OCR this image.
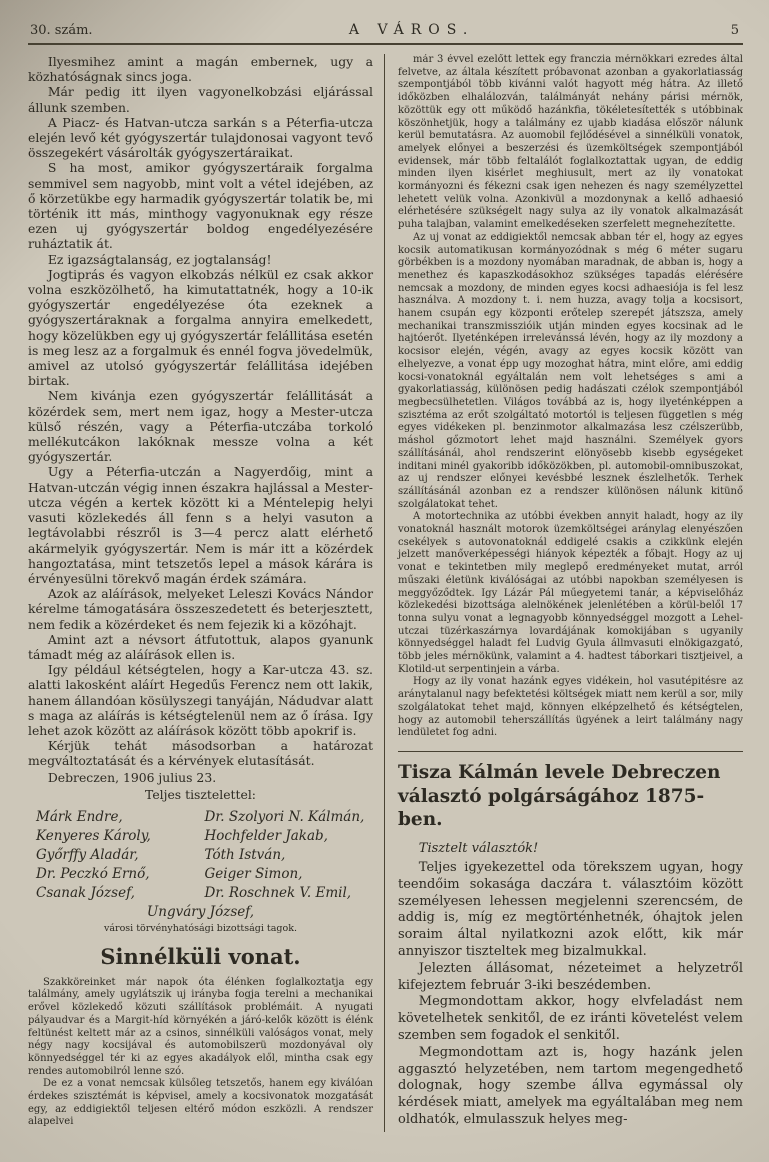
30. szám.	A VÁROS.	5

Ilyesmihez amint a magán embernek, ugy a közhatóságnak sincs joga.

Már pedig itt ilyen vagyonelkobzási eljárással állunk szemben.

A Piacz- és Hatvan-utcza sarkán s a Péterfia-utcza elején levő két gyógyszertár tulajdonosai vagyont tevő összegekért vásárolták gyógyszertáraikat.

S ha most, amikor gyógyszertáraik forgalma semmivel sem nagyobb, mint volt a vétel idejében, az ő körzetükbe egy harmadik gyógyszertár tolatik be, mi történik itt más, minthogy vagyonuknak egy része ezen uj gyógyszertár boldog engedélyezésére ruháztatik át.

Ez igazságtalanság, ez jogtalanság!

Jogtiprás és vagyon elkobzás nélkül ez csak akkor volna eszközölhető, ha kimutattatnék, hogy a 10-ik gyógyszertár engedélyezése óta ezeknek a gyógyszertáraknak a forgalma annyira emelkedett, hogy közelükben egy uj gyógyszertár felállitása esetén is meg lesz az a forgalmuk és ennél fogva jövedelmük, amivel az utolsó gyógyszertár felállitása idejében birtak.

Nem kivánja ezen gyógyszertár felállitását a közérdek sem, mert nem igaz, hogy a Mester-utcza külső részén, vagy a Péterfia-utczába torkoló mellékutcákon lakóknak messze volna a két gyógyszertár.

Ugy a Péterfia-utczán a Nagyerdőig, mint a Hatvan-utczán végig innen északra hajlással a Mester-utcza végén a kertek között ki a Méntelepig helyi vasuti közlekedés áll fenn s a helyi vasuton a legtávolabbi részről is 3—4 percz alatt elérhető akármelyik gyógyszertár. Nem is már itt a közérdek hangoztatása, mint tetszetős lepel a mások kárára is érvényesülni törekvő magán érdek számára.

Azok az aláírások, melyeket Leleszi Kovács Nándor kérelme támogatására összeszedetett és beterjesztett, nem fedik a közérdeket és nem fejezik ki a közóhajt.

Amint azt a névsort átfutottuk, alapos gyanunk támadt még az aláírások ellen is.

Igy például kétségtelen, hogy a Kar-utcza 43. sz. alatti lakosként aláírt Hegedűs Ferencz nem ott lakik, hanem állandóan kösülyszegi tanyáján, Nádudvar alatt s maga az aláírás is kétségtelenül nem az ő írása. Igy lehet azok között az aláírások között több apokrif is.

Kérjük tehát másodsorban a határozat megváltoztatását és a kérvények elutasítását.

Debreczen, 1906 julius 23.

Teljes tisztelettel:

Márk Endre,
Kenyeres Károly,
Győrffy Aladár,
Dr. Peczkó Ernő,
Csanak József,
Dr. Szolyori N. Kálmán,
Hochfelder Jakab,
Tóth István,
Geiger Simon,
Dr. Roschnek V. Emil,

Ungváry József,

városi törvényhatósági bizottsági tagok.

Sinnélküli vonat.

Szakköreinket már napok óta élénken foglalkoztatja egy találmány, amely ugylátszik uj irányba fogja terelni a mechanikai erővel közlekedő közuti szállítások problémáit. A nyugati pályaudvar és a Margit-híd környékén a járó-kelők között is élénk feltünést keltett már az a csinos, sinnélküli valóságos vonat, mely négy nagy kocsijával és automobilszerü mozdonyával oly könnyedséggel tér ki az egyes akadályok elől, mintha csak egy rendes automobilról lenne szó.

De ez a vonat nemcsak külsőleg tetszetős, hanem egy kiválóan érdekes szisztémát is képvisel, amely a kocsivonatok mozgatását egy, az eddigiektől teljesen eltérő módon eszközli. A rendszer alapelvei

már 3 évvel ezelőtt lettek egy franczia mérnökkari ezredes által felvetve, az általa készített próbavonat azonban a gyakorlatiasság szempontjából több kivánni valót hagyott még hátra. Az illető időközben elhalálozván, találmányát nehány párisi mérnök, közöttük egy ott működő hazánkfia, tökéletesítették s utóbbinak köszönhetjük, hogy a találmány ez ujabb kiadása először nálunk kerül bemutatásra. Az auomobil fejlődésével a sinnélküli vonatok, amelyek előnyei a beszerzési és üzemköltségek szempontjából evidensek, már több feltalálót foglalkoztattak ugyan, de eddig minden ilyen kisérlet meghiusult, mert az ily vonatokat kormányozni és fékezni csak igen nehezen és nagy személyzettel lehetett velük volna. Azonkivül a mozdonynak a kellő adhaesió elérhetésére szükségelt nagy sulya az ily vonatok alkalmazását puha talajban, valamint emelkedéseken szerfelett megnehezítette.

Az uj vonat az eddigiektől nemcsak abban tér el, hogy az egyes kocsik automatikusan kormányozódnak s még 6 méter sugaru görbékben is a mozdony nyomában maradnak, de abban is, hogy a menethez és kapaszkodásokhoz szükséges tapadás elérésére nemcsak a mozdony, de minden egyes kocsi adhaesiója is fel lesz használva. A mozdony t. i. nem huzza, avagy tolja a kocsisort, hanem csupán egy központi erőtelep szerepét játszsza, amely mechanikai transzmisszióik utján minden egyes kocsinak ad le hajtóerőt. Ilyeténképen irrelevánssá lévén, hogy az ily mozdony a kocsisor elején, végén, avagy az egyes kocsik között van elhelyezve, a vonat épp ugy mozoghat hátra, mint előre, ami eddig kocsi-vonatoknál egyáltalán nem volt lehetséges s ami a gyakorlatiasság, különösen pedig hadászati czélok szempontjából megbecsülhetetlen. Világos továbbá az is, hogy ilyeténképpen a szisztéma az erőt szolgáltató motortól is teljesen független s még egyes vidékeken pl. benzinmotor alkalmazása lesz czélszerübb, máshol gőzmotort lehet majd használni. Személyek gyors szállításánál, ahol rendszerint elönyösebb kisebb egységeket inditani minél gyakoribb időközökben, pl. automobil-omnibuszokat, az uj rendszer előnyei kevésbbé lesznek észlelhetők. Terhek szállításánál azonban ez a rendszer különösen nálunk kitünő szolgálatokat tehet.

A motortechnika az utóbbi években annyit haladt, hogy az ily vonatoknál használt motorok üzemköltségei aránylag elenyészően csekélyek s autovonatoknál eddigelé csakis a czikkünk elején jelzett manőverképességi hiányok képezték a főbajt. Hogy az uj vonat e tekintetben mily meglepő eredményeket mutat, arról műszaki életünk kiválóságai az utóbbi napokban személyesen is meggyőződtek. Igy Lázár Pál műegyetemi tanár, a képviselőház közlekedési bizottsága alelnökének jelenlétében a körül-belől 17 tonna sulyu vonat a legnagyobb könnyedséggel mozgott a Lehel-utczai tüzérkaszárnya lovardájának komokijában s ugyanily könnyedséggel haladt fel Ludvig Gyula állmvasuti elnökigazgató, több jeles mérnökünk, valamint a 4. hadtest táborkari tisztjeivel, a Klotild-ut serpentinjein a várba.

Hogy az ily vonat hazánk egyes vidékein, hol vasutépitésre az aránytalanul nagy befektetési költségek miatt nem kerül a sor, mily szolgálatokat tehet majd, könnyen elképzelhető és kétségtelen, hogy az automobil teherszállítás ügyének a leirt találmány nagy lendületet fog adni.

Tisza Kálmán levele Debreczen választó polgárságához 1875-ben.

Tisztelt választók!

Teljes igyekezettel oda törekszem ugyan, hogy teendőim sokasága daczára t. választóim között személyesen lehessen megjelenni szerencsém, de addig is, míg ez megtörténhetnék, óhajtok jelen soraim által nyilatkozni azok előtt, kik már annyiszor tiszteltek meg bizalmukkal.

Jelezten állásomat, nézeteimet a helyzetről kifejeztem február 3-iki beszédemben.

Megmondottam akkor, hogy elvfeladást nem követelhetek senkitől, de ez iránti követelést velem szemben sem fogadok el senkitől.

Megmondottam azt is, hogy hazánk jelen aggasztó helyzetében, nem tartom megengedhető dolognak, hogy szembe állva egymással oly kérdések miatt, amelyek ma egyáltalában meg nem oldhatók, elmulasszuk helyes meg-
